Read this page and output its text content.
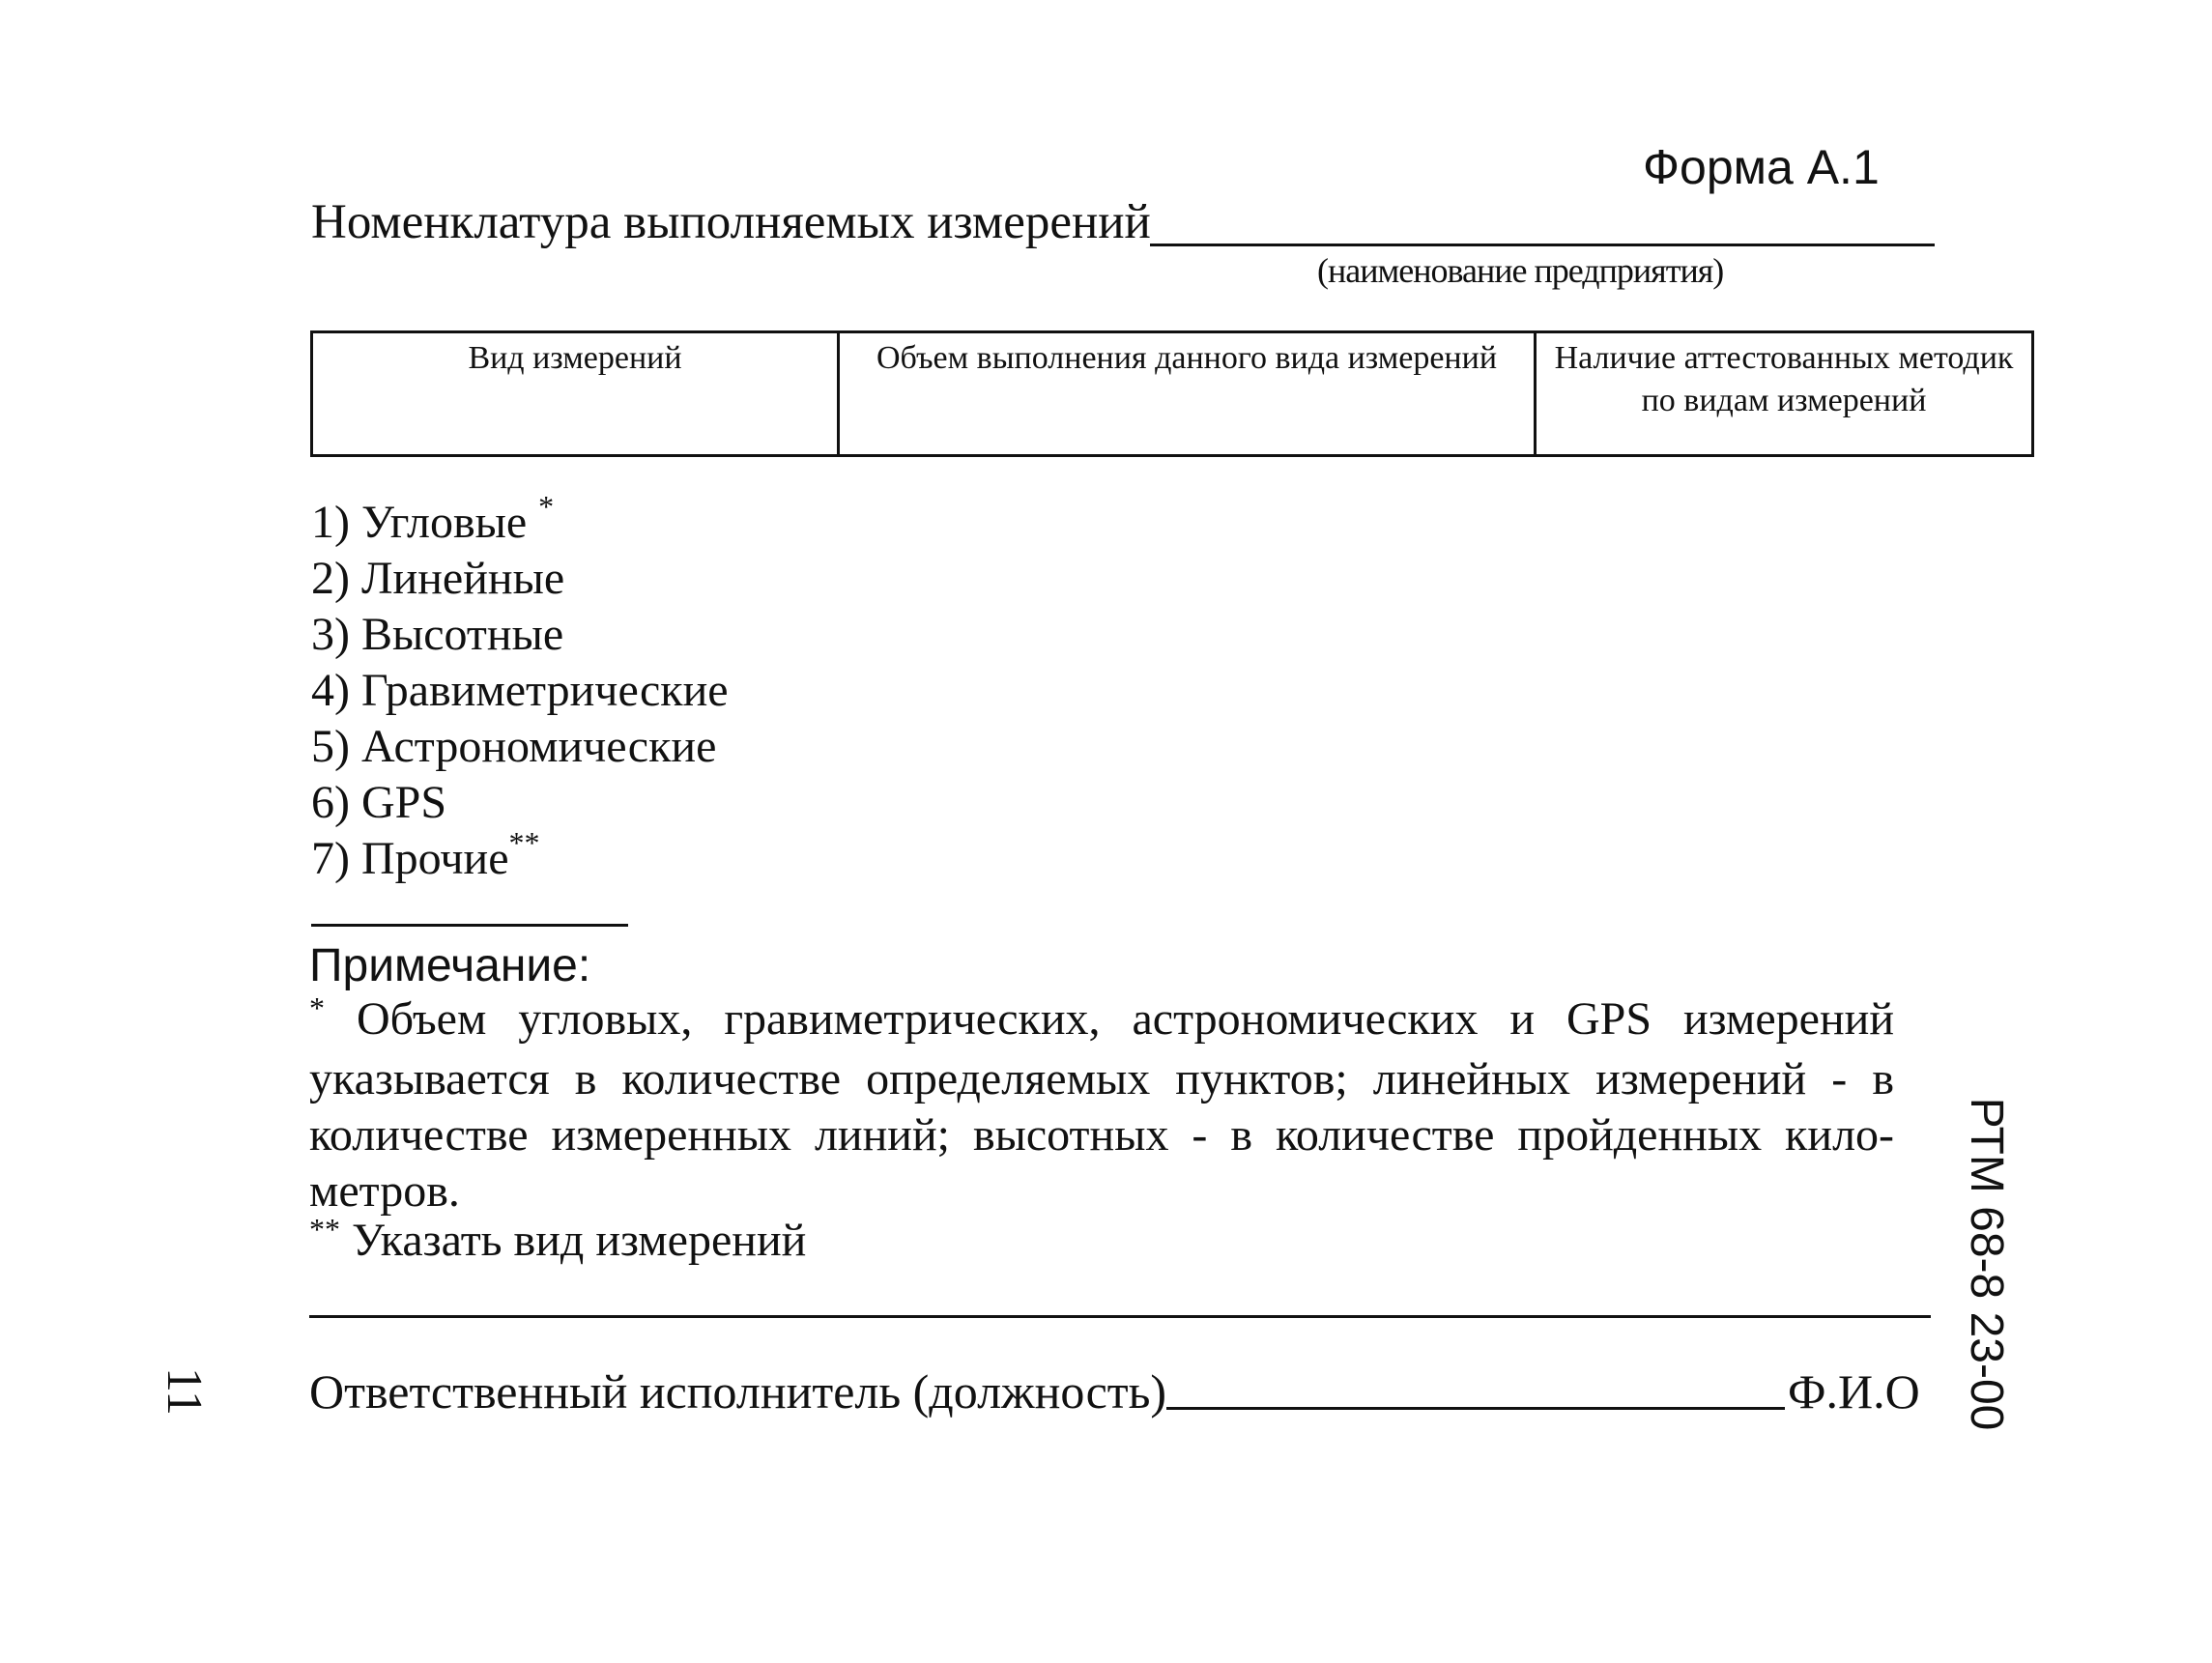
Форма А.1
Номенклатура выполняемых измерений
(наименование предприятия)
Вид измерений	Объем выполнения данного вида измерений	Наличие аттестованных методик по видам измерений
1) Угловые *
2) Линейные
3) Высотные
4) Гравиметрические
5) Астрономические
6) GPS
7) Прочие**
Примечание:
* Объем угловых, гравиметрических, астрономических и GPS измерений
указывается в количестве определяемых пунктов; линейных измерений - в
количестве измеренных линий; высотных - в количестве пройденных кило-
метров.
** Указать вид измерений
Ответственный исполнитель (должность)	Ф.И.О
11	РТМ 68-8 23-00
